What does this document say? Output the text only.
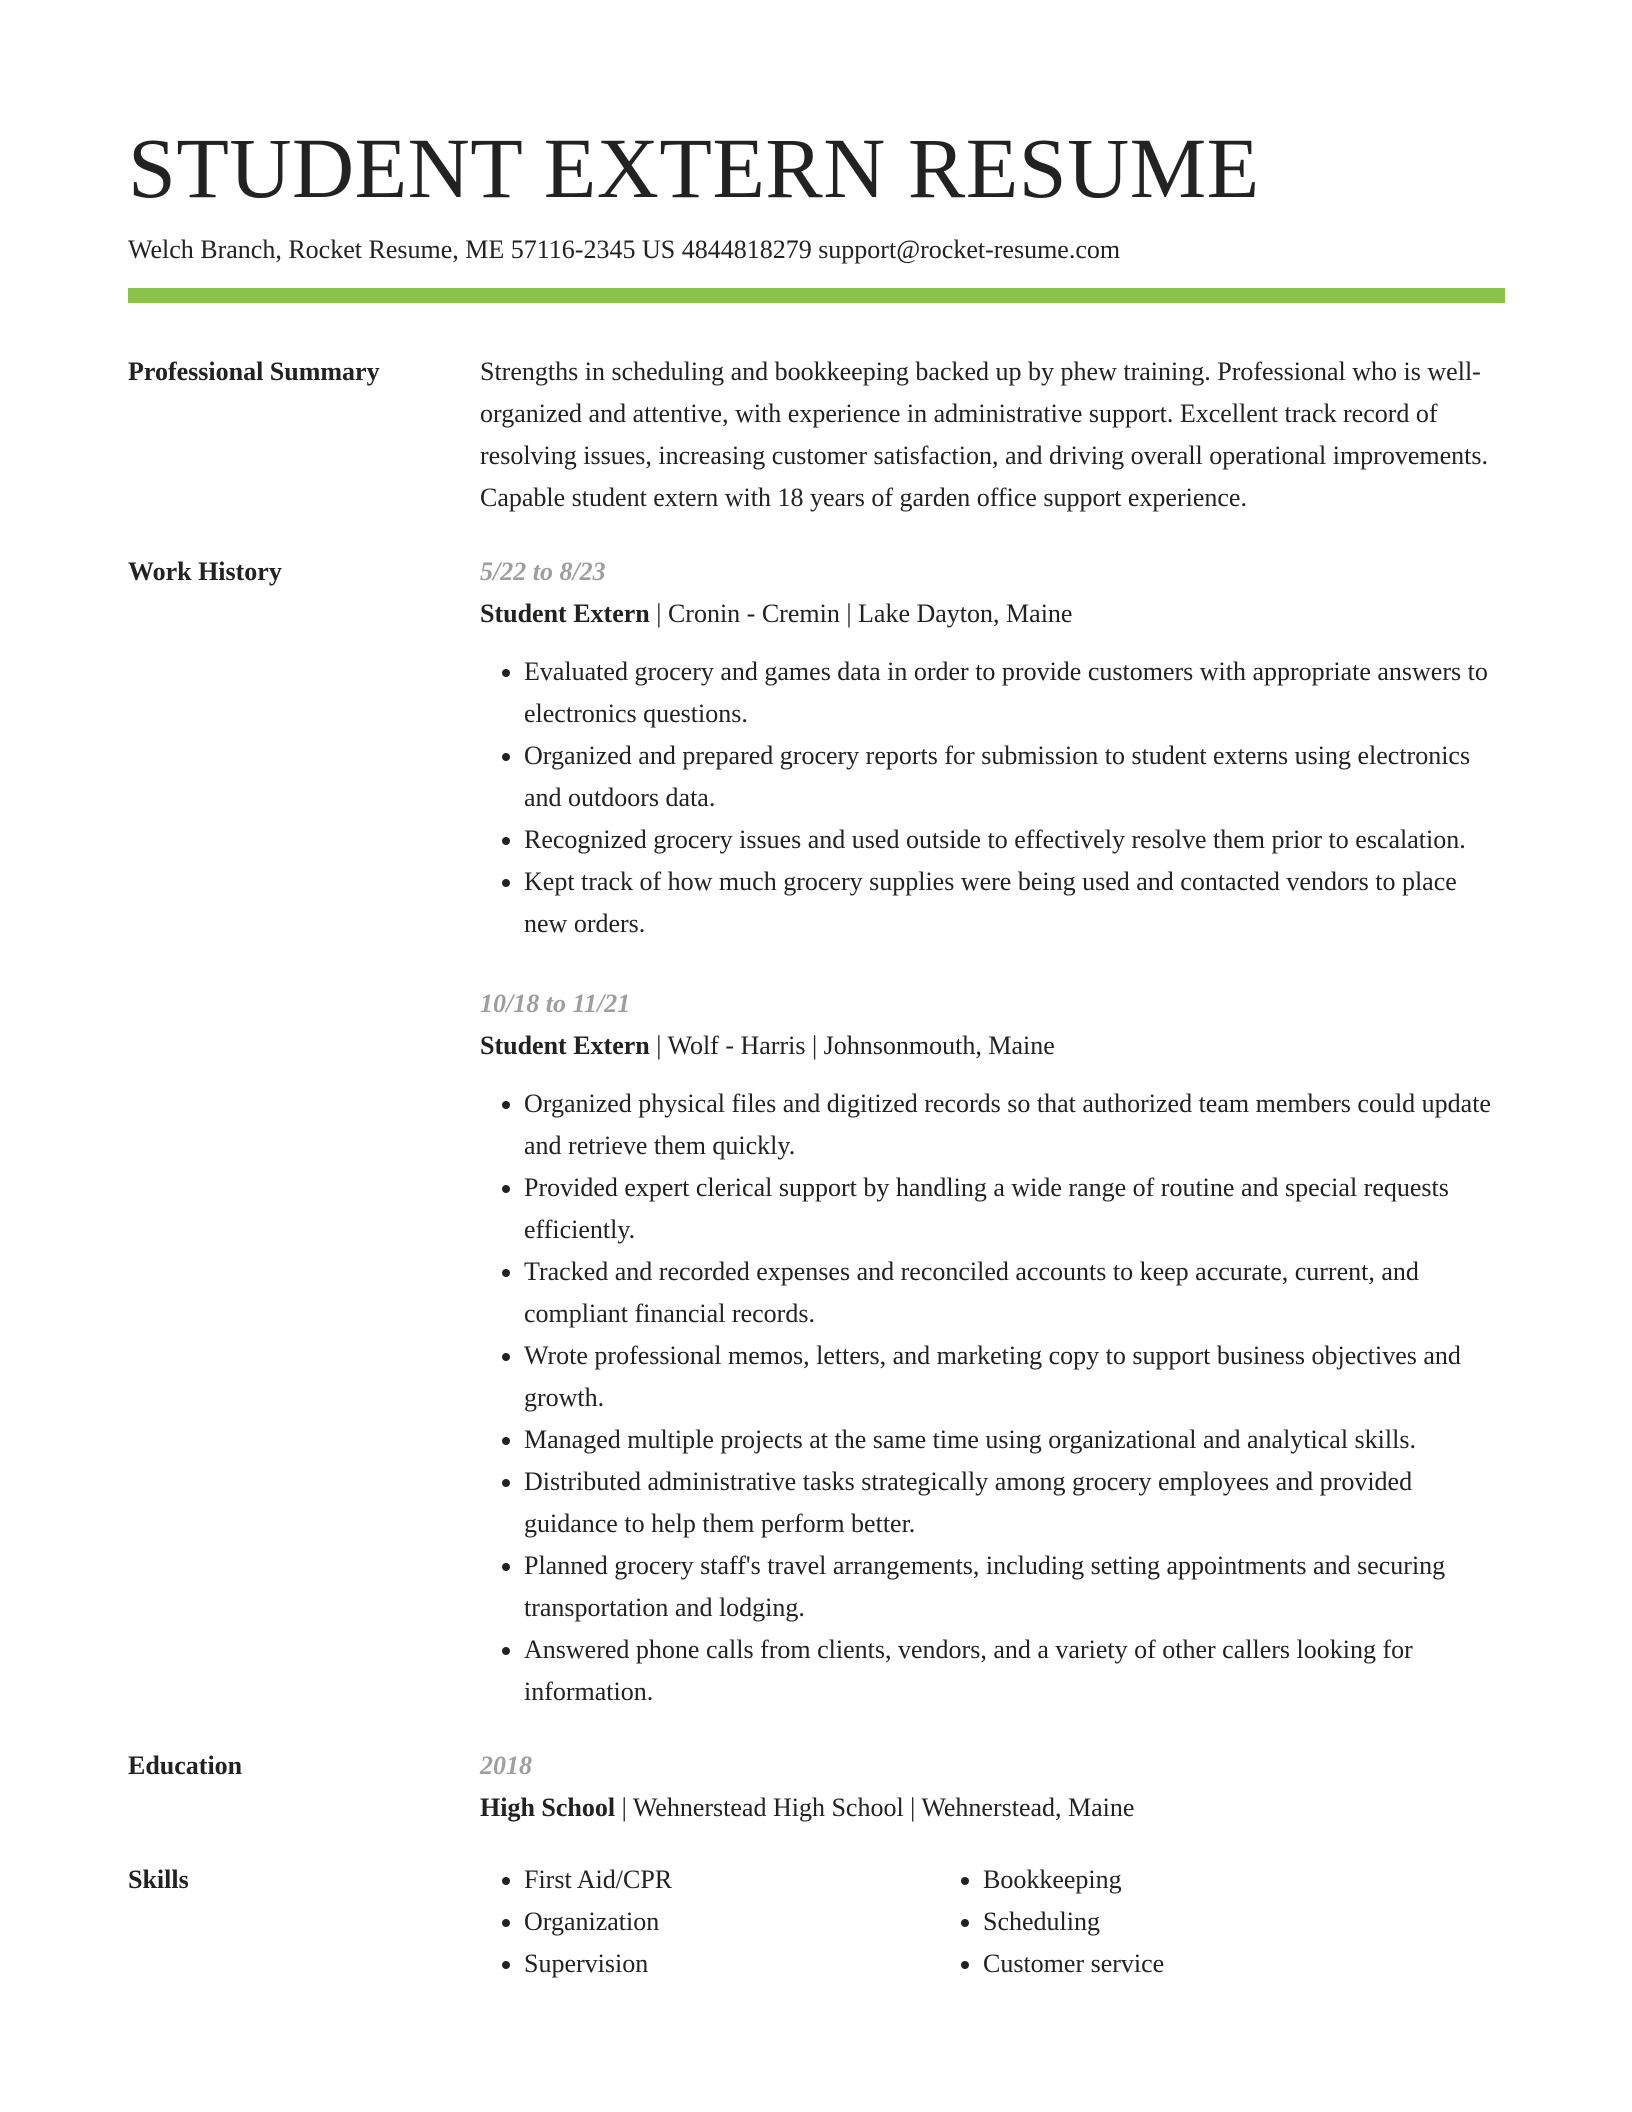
STUDENT EXTERN RESUME
Welch Branch, Rocket Resume, ME 57116-2345 US 4844818279 support@rocket-resume.com
Professional Summary	Strengths in scheduling and bookkeeping backed up by phew training. Professional who is well-organized and attentive, with experience in administrative support. Excellent track record of resolving issues, increasing customer satisfaction, and driving overall operational improvements. Capable student extern with 18 years of garden office support experience.

Work History	5/22 to 8/23
Student Extern | Cronin - Cremin | Lake Dayton, Maine
• Evaluated grocery and games data in order to provide customers with appropriate answers to electronics questions.
• Organized and prepared grocery reports for submission to student externs using electronics and outdoors data.
• Recognized grocery issues and used outside to effectively resolve them prior to escalation.
• Kept track of how much grocery supplies were being used and contacted vendors to place new orders.
10/18 to 11/21
Student Extern | Wolf - Harris | Johnsonmouth, Maine
• Organized physical files and digitized records so that authorized team members could update and retrieve them quickly.
• Provided expert clerical support by handling a wide range of routine and special requests efficiently.
• Tracked and recorded expenses and reconciled accounts to keep accurate, current, and compliant financial records.
• Wrote professional memos, letters, and marketing copy to support business objectives and growth.
• Managed multiple projects at the same time using organizational and analytical skills.
• Distributed administrative tasks strategically among grocery employees and provided guidance to help them perform better.
• Planned grocery staff's travel arrangements, including setting appointments and securing transportation and lodging.
• Answered phone calls from clients, vendors, and a variety of other callers looking for information.
Education	2018
High School | Wehnerstead High School | Wehnerstead, Maine
Skills
•	First Aid/CPR
• Organization
• Supervision
• Bookkeeping
• Scheduling
• Customer service
